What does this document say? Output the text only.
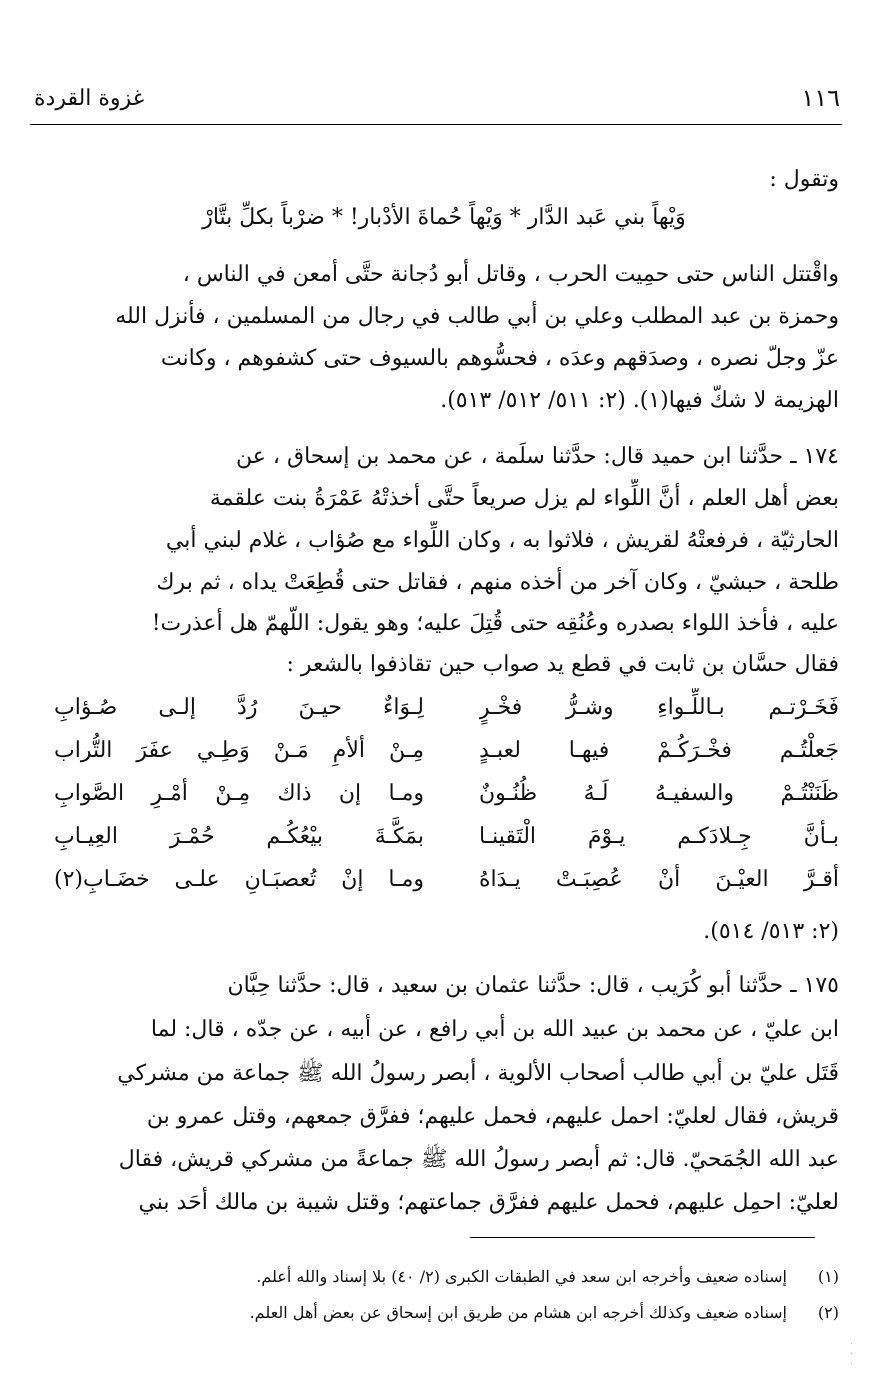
١١٦
غزوة القردة
وتقول :
وَيْهاً بني عَبد الدَّار * وَيْهاً حُماةَ الأدْبار! * ضرْباً بكلِّ بتَّارْ
واقْتتل الناس حتى حمِيت الحرب ، وقاتل أبو دُجانة حتَّى أمعن في الناس ،
وحمزة بن عبد المطلب وعلي بن أبي طالب في رجال من المسلمين ، فأنزل الله
عزّ وجلّ نصره ، وصدَقهم وعدَه ، فحسُّوهم بالسيوف حتى كشفوهم ، وكانت
الهزيمة لا شكّ فيها(١). (٢: ٥١١/ ٥١٢/ ٥١٣).
١٧٤ ـ حدَّثنا ابن حميد قال: حدَّثنا سلَمة ، عن محمد بن إسحاق ، عن
بعض أهل العلم ، أنَّ اللِّواء لم يزل صريعاً حتَّى أخذتْهُ عَمْرَةُ بنت علقمة
الحارثيّة ، فرفعتْهُ لقريش ، فلاثوا به ، وكان اللِّواء مع صُؤاب ، غلام لبني أبي
طلحة ، حبشيّ ، وكان آخر من أخذه منهم ، فقاتل حتى قُطِعَتْ يداه ، ثم برك
عليه ، فأخذ اللواء بصدره وعُنُقِه حتى قُتِلَ عليه؛ وهو يقول: اللّهمّ هل أعذرت!
فقال حسَّان بن ثابت في قطع يد صواب حين تقاذفوا بالشعر :
فَخَـرْتـم بـاللِّـواءِ وشـرُّ فخْـرٍ
لِـوَاءٌ حيـنَ رُدَّ إلـى صُـؤابِ
جَعلْتُـم فخْـرَكُـمْ فيهـا لعبـدٍ
مِـنْ ألأمِ مَـنْ وَطِـي عفَرَ التُّراب
ظَنَنْتُـمْ والسفيـهُ لَـهُ ظُنُـونٌ
ومـا إن ذاك مِـنْ أمْـرِ الصَّوابِ
بـأنَّ جِـلادَكـم يـوْمَ الْتَقينـا
بمَكَّـةَ بيْعُكُـم حُمْـرَ العِيـابِ
أقـرَّ العيْـنَ أنْ عُصِبَـتْ يـدَاهُ
ومـا إنْ تُعصبَـانِ علـى خضَـابِ(٢)
(٢: ٥١٣/ ٥١٤).
١٧٥ ـ حدَّثنا أبو كُرَيب ، قال: حدَّثنا عثمان بن سعيد ، قال: حدَّثنا حِبَّان
ابن عليّ ، عن محمد بن عبيد الله بن أبي رافع ، عن أبيه ، عن جدّه ، قال: لما
قَتَل عليّ بن أبي طالب أصحاب الألوية ، أبصر رسولُ الله ﷺ جماعة من مشركي
قريش، فقال لعليّ: احمل عليهم، فحمل عليهم؛ ففرَّق جمعهم، وقتل عمرو بن
عبد الله الجُمَحيّ. قال: ثم أبصر رسولُ الله ﷺ جماعةً من مشركي قريش، فقال
لعليّ: احمِل عليهم، فحمل عليهم ففرَّق جماعتهم؛ وقتل شيبة بن مالك أحَد بني
(١)إسناده ضعيف وأخرجه ابن سعد في الطبقات الكبرى (٢/ ٤٠) بلا إسناد والله أعلم.
(٢)إسناده ضعيف وكذلك أخرجه ابن هشام من طريق ابن إسحاق عن بعض أهل العلم.
·
·
·
